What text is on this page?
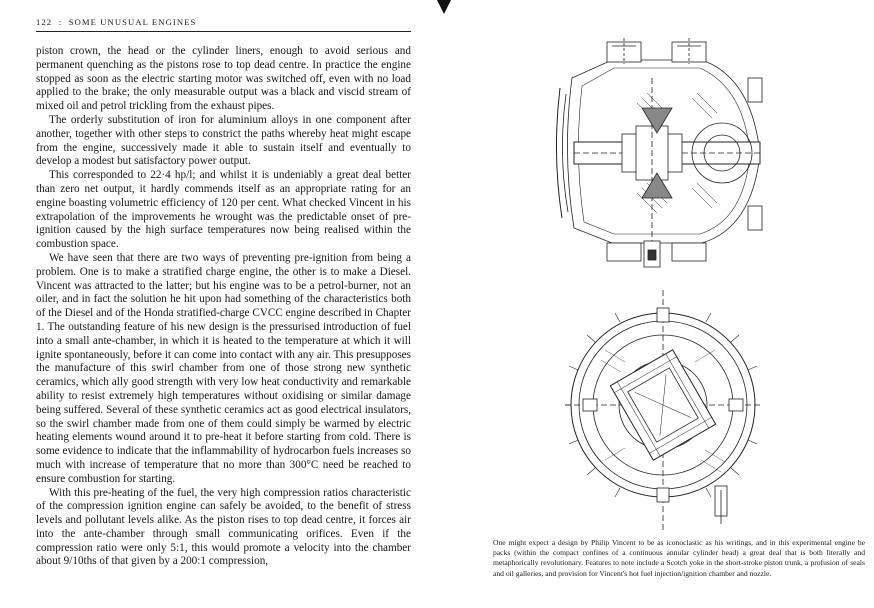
122 : SOME UNUSUAL ENGINES

piston crown, the head or the cylinder liners, enough to avoid serious and permanent quenching as the pistons rose to top dead centre. In practice the engine stopped as soon as the electric starting motor was switched off, even with no load applied to the brake; the only measurable output was a black and viscid stream of mixed oil and petrol trickling from the exhaust pipes.

The orderly substitution of iron for aluminium alloys in one component after another, together with other steps to constrict the paths whereby heat might escape from the engine, successively made it able to sustain itself and eventually to develop a modest but satisfactory power output.

This corresponded to 22·4 hp/l; and whilst it is undeniably a great deal better than zero net output, it hardly commends itself as an appropriate rating for an engine boasting volumetric efficiency of 120 per cent. What checked Vincent in his extrapolation of the improvements he wrought was the predictable onset of pre-ignition caused by the high surface temperatures now being realised within the combustion space.

We have seen that there are two ways of preventing pre-ignition from being a problem. One is to make a stratified charge engine, the other is to make a Diesel. Vincent was attracted to the latter; but his engine was to be a petrol-burner, not an oiler, and in fact the solution he hit upon had something of the characteristics both of the Diesel and of the Honda stratified-charge CVCC engine described in Chapter 1. The outstanding feature of his new design is the pressurised introduction of fuel into a small ante-chamber, in which it is heated to the temperature at which it will ignite spontaneously, before it can come into contact with any air. This presupposes the manufacture of this swirl chamber from one of those strong new synthetic ceramics, which ally good strength with very low heat conductivity and remarkable ability to resist extremely high temperatures without oxidising or similar damage being suffered. Several of these synthetic ceramics act as good electrical insulators, so the swirl chamber made from one of them could simply be warmed by electric heating elements wound around it to pre-heat it before starting from cold. There is some evidence to indicate that the inflammability of hydrocarbon fuels increases so much with increase of temperature that no more than 300°C need be reached to ensure combustion for starting.

With this pre-heating of the fuel, the very high compression ratios characteristic of the compression ignition engine can safely be avoided, to the benefit of stress levels and pollutant levels alike. As the piston rises to top dead centre, it forces air into the ante-chamber through small communicating orifices. Even if the compression ratio were only 5:1, this would promote a velocity into the chamber about 9/10ths of that given by a 200:1 compression,

One might expect a design by Philip Vincent to be as iconoclastic as his writings, and in this experimental engine he packs (within the compact confines of a continuous annular cylinder head) a great deal that is both literally and metaphorically revolutionary. Features to note include a Scotch yoke in the short-stroke piston trunk, a profusion of seals and oil galleries, and provision for Vincent's hot fuel injection/ignition chamber and nozzle.
